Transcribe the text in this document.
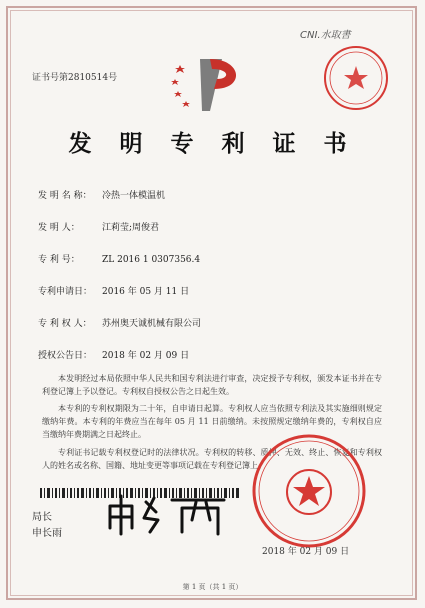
CNI.水取書
证书号第2810514号
发 明 专 利 证 书
发 明 名 称： 冷热一体模温机
发 明 人： 江莉莹;周俊君
专 利 号： ZL 2016 1 0307356.4
专利申请日： 2016 年 05 月 11 日
专 利 权 人： 苏州奥天诚机械有限公司
授权公告日： 2018 年 02 月 09 日
本发明经过本局依照中华人民共和国专利法进行审查，决定授予专利权，颁发本证书并在专利登记簿上予以登记。专利权自授权公告之日起生效。
本专利的专利权期限为二十年，自申请日起算。专利权人应当依照专利法及其实施细则规定缴纳年费。本专利的年费应当在每年 05 月 11 日前缴纳。未按照规定缴纳年费的，专利权自应当缴纳年费期满之日起终止。
专利证书记载专利权登记时的法律状况。专利权的转移、质押、无效、终止、恢复和专利权人的姓名或名称、国籍、地址变更等事项记载在专利登记簿上。
局长
申长雨
2018 年 02 月 09 日
第 1 页（共 1 页）
